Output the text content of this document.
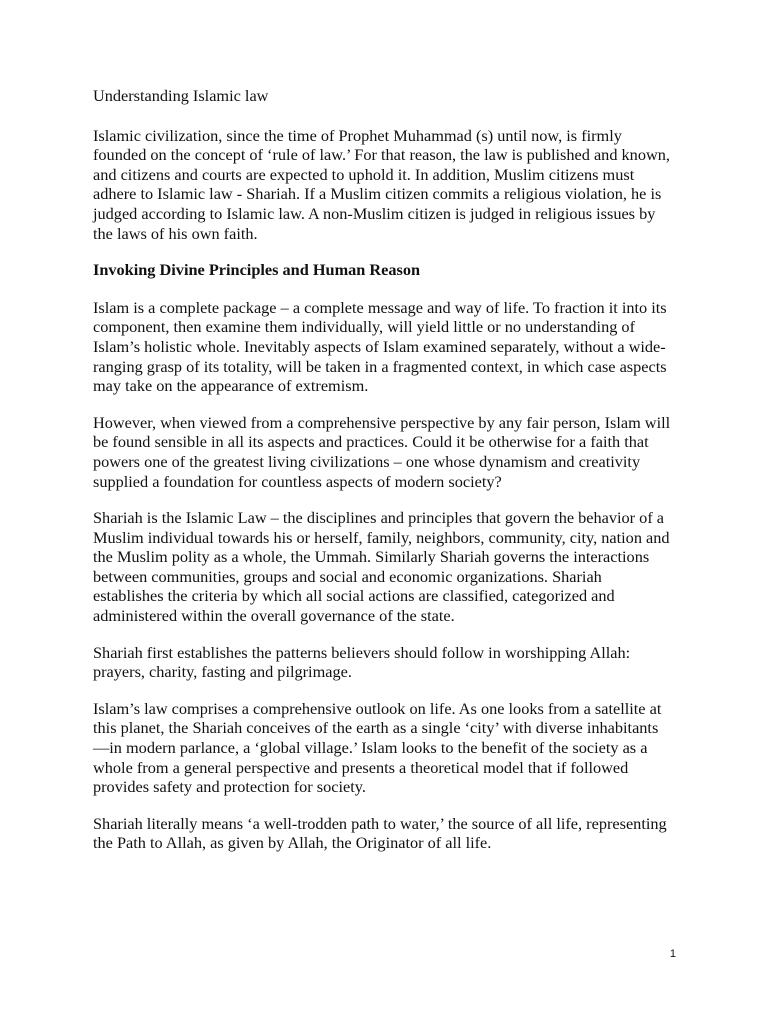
Understanding Islamic law

Islamic civilization, since the time of Prophet Muhammad (s) until now, is firmly founded on the concept of ‘rule of law.’ For that reason, the law is published and known, and citizens and courts are expected to uphold it. In addition, Muslim citizens must adhere to Islamic law - Shariah. If a Muslim citizen commits a religious violation, he is judged according to Islamic law. A non-Muslim citizen is judged in religious issues by the laws of his own faith.

Invoking Divine Principles and Human Reason

Islam is a complete package – a complete message and way of life. To fraction it into its component, then examine them individually, will yield little or no understanding of Islam’s holistic whole. Inevitably aspects of Islam examined separately, without a wide-ranging grasp of its totality, will be taken in a fragmented context, in which case aspects may take on the appearance of extremism.

However, when viewed from a comprehensive perspective by any fair person, Islam will be found sensible in all its aspects and practices. Could it be otherwise for a faith that powers one of the greatest living civilizations – one whose dynamism and creativity supplied a foundation for countless aspects of modern society?

Shariah is the Islamic Law – the disciplines and principles that govern the behavior of a Muslim individual towards his or herself, family, neighbors, community, city, nation and the Muslim polity as a whole, the Ummah. Similarly Shariah governs the interactions between communities, groups and social and economic organizations. Shariah establishes the criteria by which all social actions are classified, categorized and administered within the overall governance of the state.

Shariah first establishes the patterns believers should follow in worshipping Allah: prayers, charity, fasting and pilgrimage.

Islam’s law comprises a comprehensive outlook on life. As one looks from a satellite at this planet, the Shariah conceives of the earth as a single ‘city’ with diverse inhabitants—in modern parlance, a ‘global village.’ Islam looks to the benefit of the society as a whole from a general perspective and presents a theoretical model that if followed provides safety and protection for society.

Shariah literally means ‘a well-trodden path to water,’ the source of all life, representing the Path to Allah, as given by Allah, the Originator of all life.

1
